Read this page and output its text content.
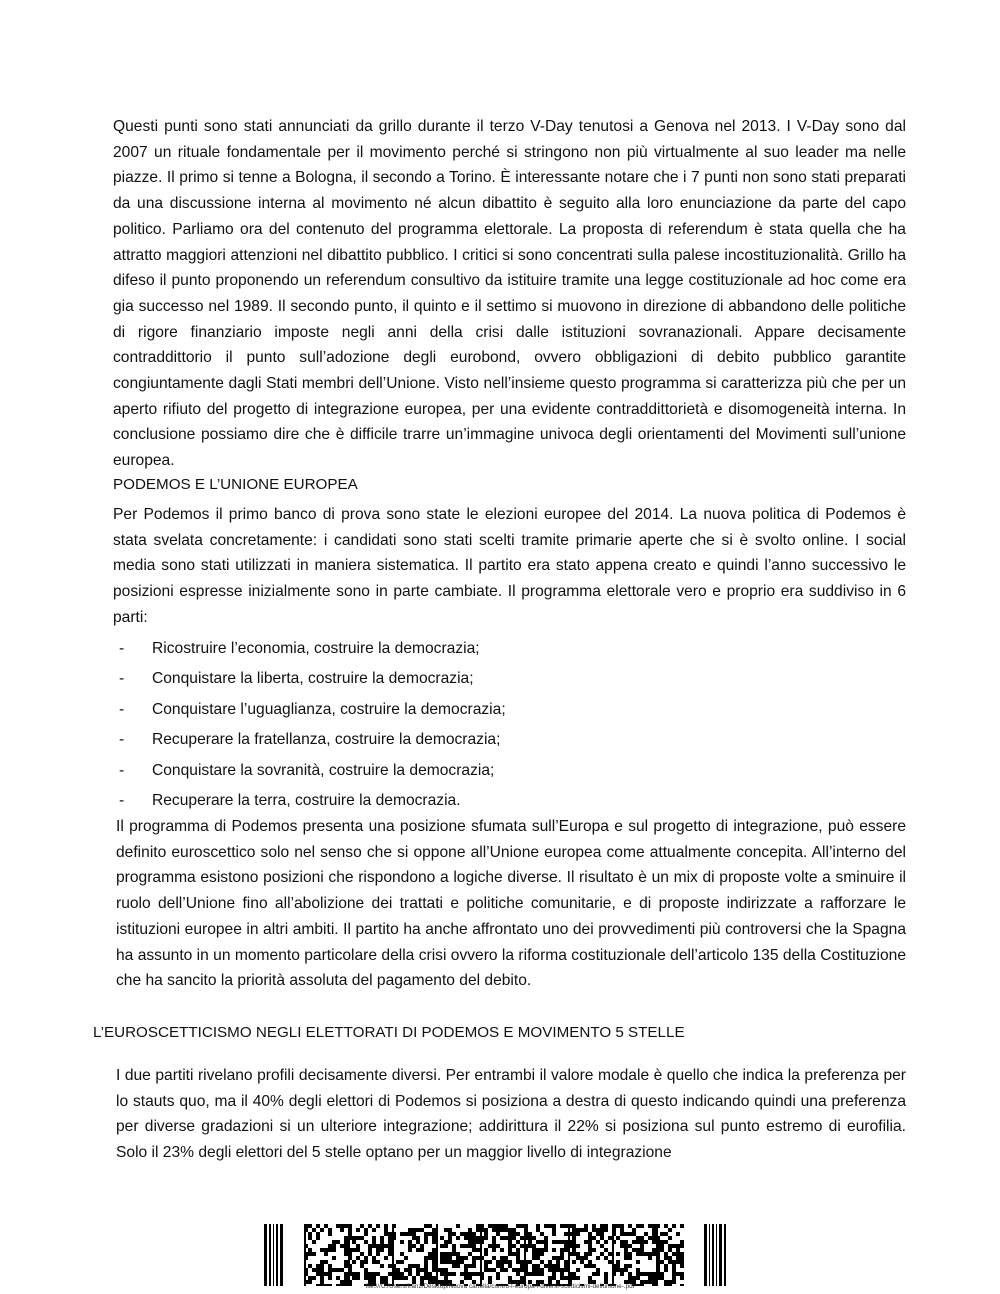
Questi punti sono stati annunciati da grillo durante il terzo V-Day tenutosi a Genova nel 2013. I V-Day sono dal 2007 un rituale fondamentale per il movimento perché si stringono non più virtualmente al suo leader ma nelle piazze. Il primo si tenne a Bologna, il secondo a Torino. È interessante notare che i 7 punti non sono stati preparati da una discussione interna al movimento né alcun dibattito è seguito alla loro enunciazione da parte del capo politico. Parliamo ora del contenuto del programma elettorale. La proposta di referendum è stata quella che ha attratto maggiori attenzioni nel dibattito pubblico. I critici si sono concentrati sulla palese incostituzionalità. Grillo ha difeso il punto proponendo un referendum consultivo da istituire tramite una legge costituzionale ad hoc come era gia successo nel 1989. Il secondo punto, il quinto e il settimo si muovono in direzione di abbandono delle politiche di rigore finanziario imposte negli anni della crisi dalle istituzioni sovranazionali. Appare decisamente contraddittorio il punto sull’adozione degli eurobond, ovvero obbligazioni di debito pubblico garantite congiuntamente dagli Stati membri dell’Unione. Visto nell’insieme questo programma si caratterizza più che per un aperto rifiuto del progetto di integrazione europea, per una evidente contraddittorietà e disomogeneità interna. In conclusione possiamo dire che è difficile trarre un’immagine univoca degli orientamenti del Movimenti sull’unione europea.

PODEMOS E L’UNIONE EUROPEA

Per Podemos il primo banco di prova sono state le elezioni europee del 2014. La nuova politica di Podemos è stata svelata concretamente: i candidati sono stati scelti tramite primarie aperte che si è svolto online. I social media sono stati utilizzati in maniera sistematica. Il partito era stato appena creato e quindi l’anno successivo le posizioni espresse inizialmente sono in parte cambiate. Il programma elettorale vero e proprio era suddiviso in 6 parti:

- Ricostruire l’economia, costruire la democrazia;
- Conquistare la liberta, costruire la democrazia;
- Conquistare l’uguaglianza, costruire la democrazia;
- Recuperare la fratellanza, costruire la democrazia;
- Conquistare la sovranità, costruire la democrazia;
- Recuperare la terra, costruire la democrazia.

Il programma di Podemos presenta una posizione sfumata sull’Europa e sul progetto di integrazione, può essere definito euroscettico solo nel senso che si oppone all’Unione europea come attualmente concepita. All’interno del programma esistono posizioni che rispondono a logiche diverse. Il risultato è un mix di proposte volte a sminuire il ruolo dell’Unione fino all’abolizione dei trattati e politiche comunitarie, e di proposte indirizzate a rafforzare le istituzioni europee in altri ambiti. Il partito ha anche affrontato uno dei provvedimenti più controversi che la Spagna ha assunto in un momento particolare della crisi ovvero la riforma costituzionale dell’articolo 135 della Costituzione che ha sancito la priorità assoluta del pagamento del debito.

L’EUROSCETTICISMO NEGLI ELETTORATI DI PODEMOS E MOVIMENTO 5 STELLE

I due partiti rivelano profili decisamente diversi. Per entrambi il valore modale è quello che indica la preferenza per lo stauts quo, ma il 40% degli elettori di Podemos si posiziona a destra di questo indicando quindi una preferenza per diverse gradazioni si un ulteriore integrazione; addirittura il 22% si posiziona sul punto estremo di eurofilia. Solo il 23% degli elettori del 5 stelle optano per un maggior livello di integrazione

file:///C:/Users/franz/Desktop/Nuova cartella/contro-l-europa-i-diversi-scetticismi-dellunione-.pdf
